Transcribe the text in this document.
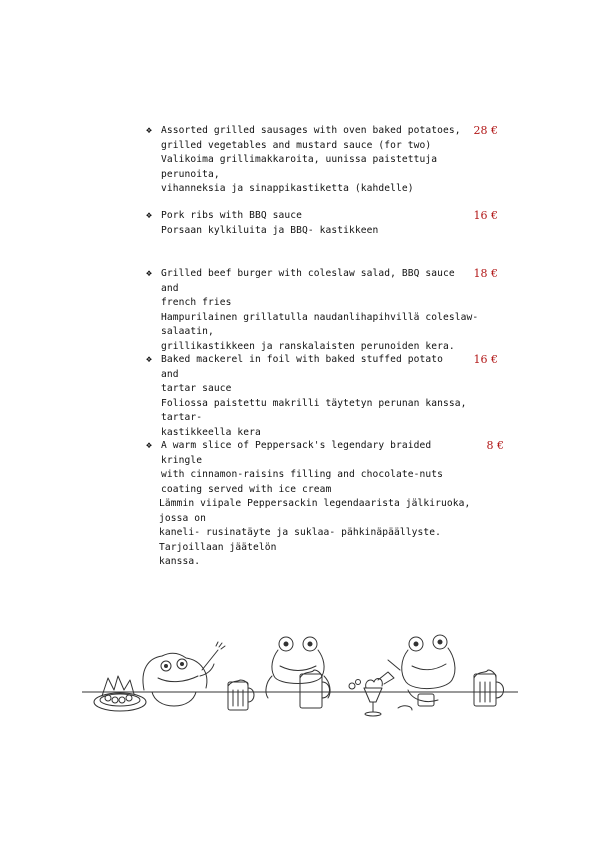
❖ Assorted grilled sausages with oven baked potatoes,
grilled vegetables and mustard sauce (for two)
28 €
Valikoima grillimakkaroita, uunissa paistettuja perunoita,
vihanneksia ja sinappikastiketta (kahdelle)
❖ Pork ribs with BBQ sauce	16 €
Porsaan kylkiluita ja BBQ- kastikkeen
❖ Grilled beef burger with coleslaw salad, BBQ sauce and
french fries
18 €
Hampurilainen grillatulla naudanlihapihvillä coleslaw-salaatin,
grillikastikkeen ja ranskalaisten perunoiden kera.
❖ Baked mackerel in foil with baked stuffed potato and
tartar sauce
16 €
Foliossa paistettu makrilli täytetyn perunan kanssa, tartar-
kastikkeella kera
❖ A warm slice of Peppersack's legendary braided kringle
with cinnamon-raisins filling and chocolate-nuts
coating served with ice cream
8 €
Lämmin viipale Peppersackin legendaarista jälkiruoka, jossa on
kaneli- rusinatäyte ja suklaa- pähkinäpäällyste. Tarjoillaan jäätelön
kanssa.
